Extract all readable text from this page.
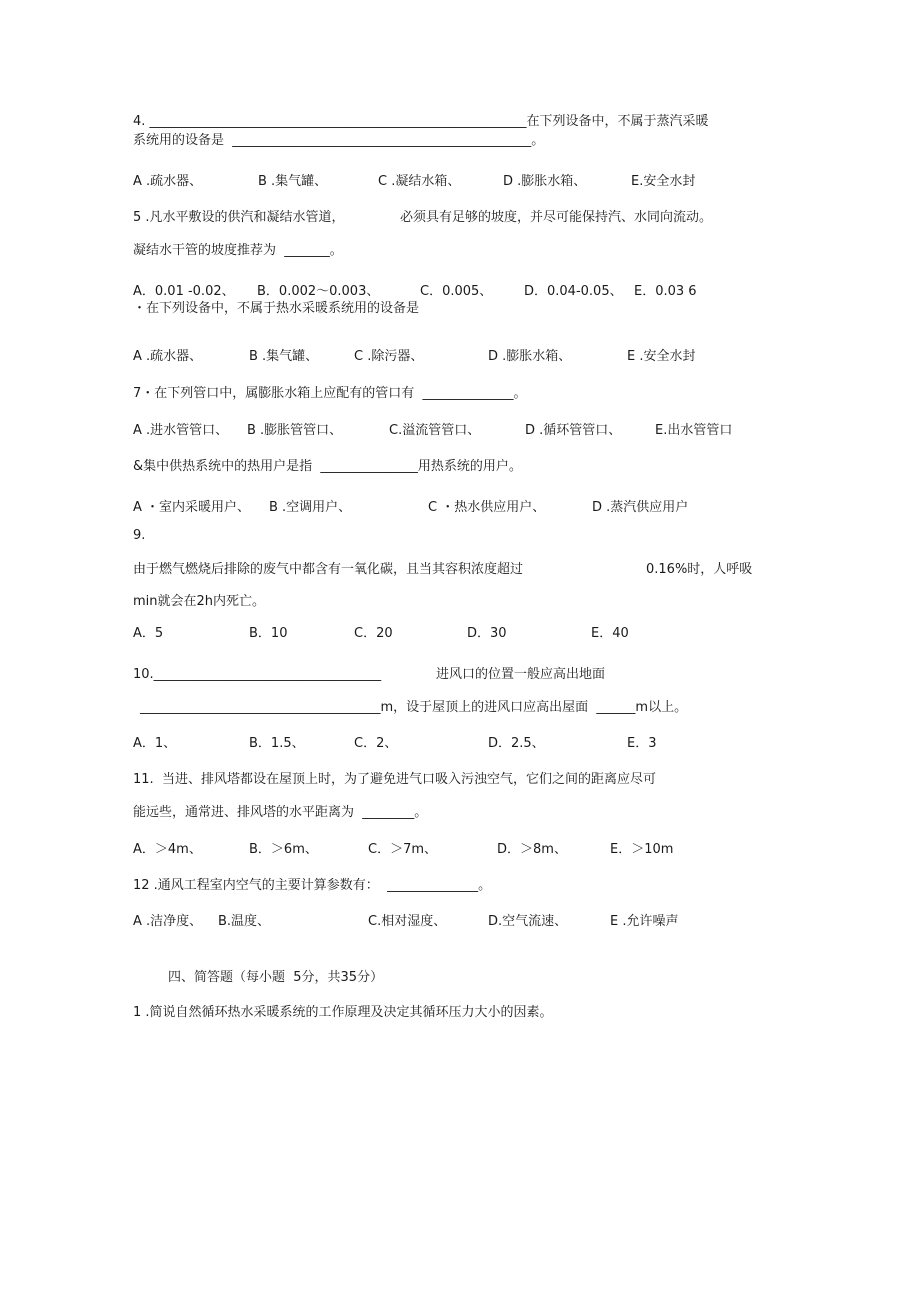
4. __________________________________________________________在下列设备中，不属于蒸汽采暖
系统用的设备是  ______________________________________________。
A .疏水器、	B .集气罐、	C .凝结水箱、	D .膨胀水箱、	E.安全水封
5 .凡水平敷设的供汽和凝结水管道，	必须具有足够的坡度，并尽可能保持汽、水同向流动。
凝结水干管的坡度推荐为  _______。
A．0.01 -0.02、 B．0.002～0.003、	C．0.005、 D．0.04-0.05、 E．0.03 6
・在下列设备中，不属于热水采暖系统用的设备是
A .疏水器、	B .集气罐、	C .除污器、	D .膨胀水箱、	E .安全水封
7・在下列管口中，属膨胀水箱上应配有的管口有  ______________。
A .进水管管口、 B .膨胀管管口、	C.溢流管管口、	D .循环管管口、	E.出水管管口
&集中供热系统中的热用户是指  _______________用热系统的用户。
A ・室内采暖用户、 B .空调用户、	C ・热水供应用户、	D .蒸汽供应用户
9.
由于燃气燃烧后排除的废气中都含有一氧化碳，且当其容积浓度超过	0.16%时，人呼吸
min就会在2h内死亡。
A．5	B．10	C．20	D．30	E．40
10.___________________________________	进风口的位置一般应高出地面
_____________________________________m，设于屋顶上的进风口应高出屋面  ______m以上。
A．1、	B．1.5、	C．2、	D．2.5、	E．3
11.  当进、排风塔都设在屋顶上时，为了避免进气口吸入污浊空气，它们之间的距离应尽可
能远些，通常进、排风塔的水平距离为  ________。
A．＞4m、	B．＞6m、	C．＞7m、	D．＞8m、	E．＞10m
12 .通风工程室内空气的主要计算参数有：  ______________。
A .洁净度、 B.温度、	C.相对湿度、	D.空气流速、	E .允许噪声
四、简答题（每小题  5分，共35分）
1 .简说自然循环热水采暖系统的工作原理及决定其循环压力大小的因素。
